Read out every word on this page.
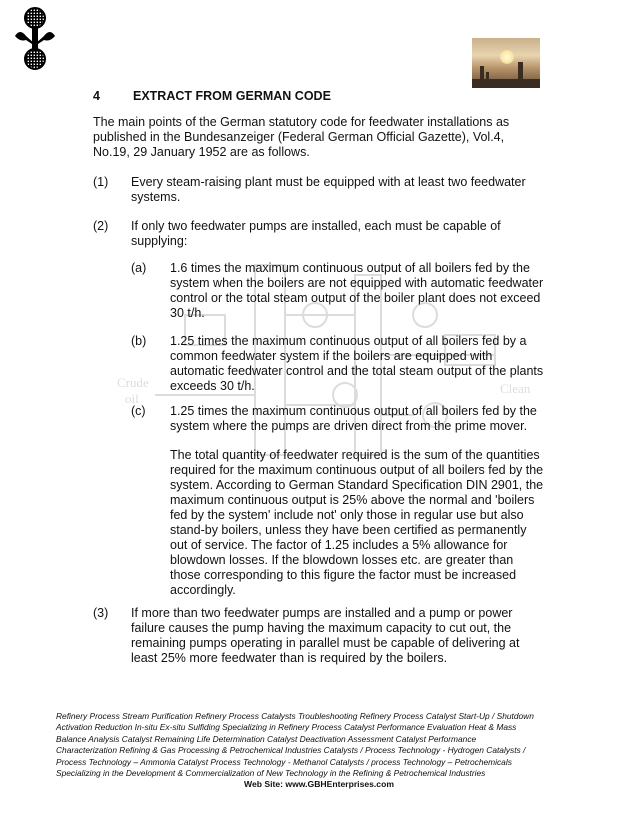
Crude
oil
Clean
4	EXTRACT FROM GERMAN CODE
The main points of the German statutory code for feedwater installations as
published in the Bundesanzeiger (Federal German Official Gazette), Vol.4,
No.19, 29 January 1952 are as follows.
(1) Every steam-raising plant must be equipped with at least two feedwater
systems.
(2) If only two feedwater pumps are installed, each must be capable of
supplying:
(a) 1.6 times the maximum continuous output of all boilers fed by the
system when the boilers are not equipped with automatic feedwater
control or the total steam output of the boiler plant does not exceed
30 t/h.
(b) 1.25 times the maximum continuous output of all boilers fed by a
common feedwater system if the boilers are equipped with
automatic feedwater control and the total steam output of the plants
exceeds 30 t/h.
(c) 1.25 times the maximum continuous output of all boilers fed by the
system where the pumps are driven direct from the prime mover.
The total quantity of feedwater required is the sum of the quantities
required for the maximum continuous output of all boilers fed by the
system. According to German Standard Specification DIN 2901, the
maximum continuous output is 25% above the normal and 'boilers
fed by the system' include not' only those in regular use but also
stand-by boilers, unless they have been certified as permanently
out of service. The factor of 1.25 includes a 5% allowance for
blowdown losses. If the blowdown losses etc. are greater than
those corresponding to this figure the factor must be increased
accordingly.
(3) If more than two feedwater pumps are installed and a pump or power
failure causes the pump having the maximum capacity to cut out, the
remaining pumps operating in parallel must be capable of delivering at
least 25% more feedwater than is required by the boilers.
Refinery Process Stream Purification Refinery Process Catalysts Troubleshooting Refinery Process Catalyst Start-Up / Shutdown
Activation Reduction In-situ Ex-situ Sulfiding Specializing in Refinery Process Catalyst Performance Evaluation Heat & Mass
Balance Analysis Catalyst Remaining Life Determination Catalyst Deactivation Assessment Catalyst Performance
Characterization Refining & Gas Processing & Petrochemical Industries Catalysts / Process Technology - Hydrogen Catalysts /
Process Technology – Ammonia Catalyst Process Technology - Methanol Catalysts / process Technology – Petrochemicals
Specializing in the Development & Commercialization of New Technology in the Refining & Petrochemical Industries
Web Site: www.GBHEnterprises.com
